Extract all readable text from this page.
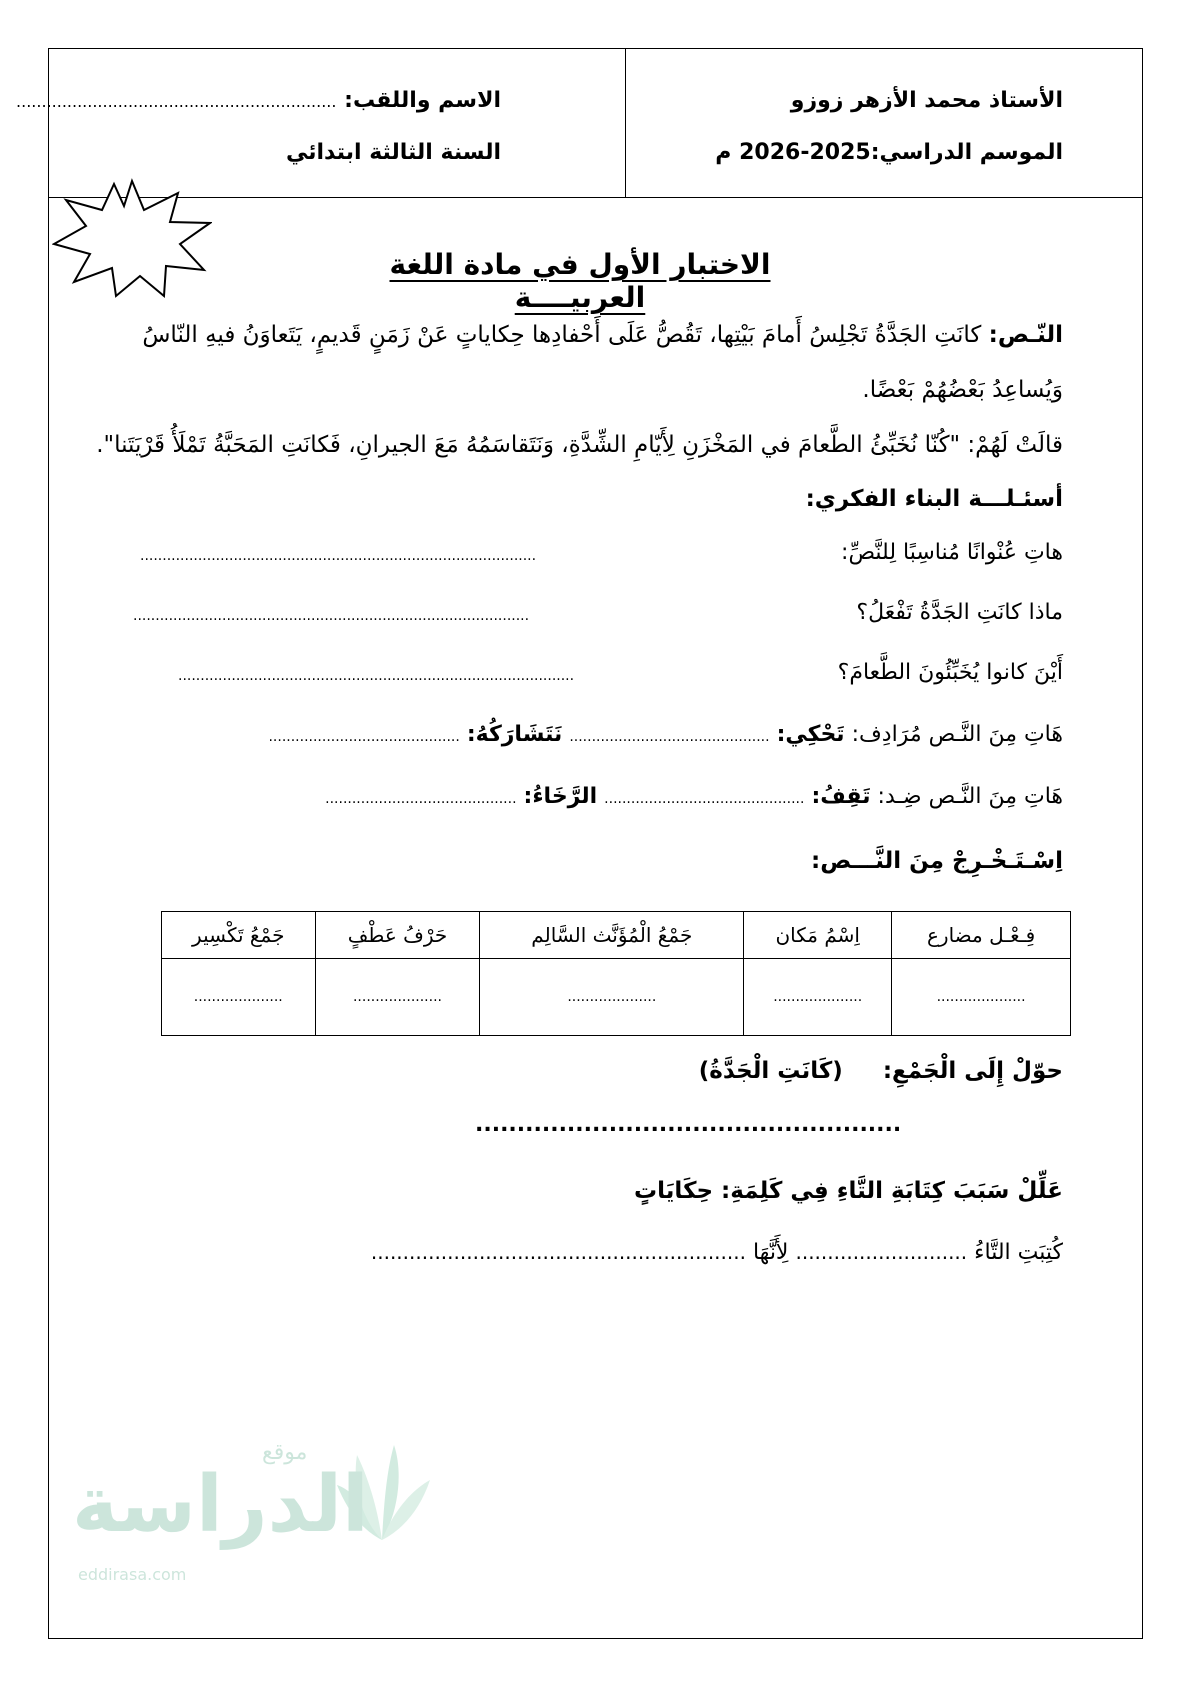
الأستاذ محمد الأزهر زوزو
الموسم الدراسي:2025-2026 م
الاسم واللقب: ...............................................................
السنة الثالثة ابتدائي
الاختبار الأول في مادة اللغة العربيــــة
النّـص: كانَتِ الجَدَّةُ تَجْلِسُ أَمامَ بَيْتِها، تَقُصُّ عَلَى أَحْفادِها حِكاياتٍ عَنْ زَمَنٍ قَديمٍ، يَتَعاوَنُ فيهِ النّاسُ
وَيُساعِدُ بَعْضُهُمْ بَعْضًا.
قالَتْ لَهُمْ: "كُنّا نُخَبِّئُ الطَّعامَ في المَخْزَنِ لِأَيّامِ الشِّدَّةِ، وَنَتَقاسَمُهُ مَعَ الجيرانِ، فَكانَتِ المَحَبَّةُ تَمْلَأُ قَرْيَتَنا".
أسئـلـــة البناء الفكري:
هاتِ عُنْوانًا مُناسِبًا لِلنَّصِّ:
.........................................................................................
ماذا كانَتِ الجَدَّةُ تَفْعَلُ؟
.........................................................................................
أَيْنَ كانوا يُخَبِّئُونَ الطَّعامَ؟
.........................................................................................
هَاتِ مِنَ النَّـص مُرَادِف: تَحْكِي: ............................................. نَتَشَارَكُهُ: ...........................................
هَاتِ مِنَ النَّـص ضِـد: تَقِفُ: ............................................. الرَّخَاءُ: ...........................................
اِسْـتَـخْـرِجْ مِنَ النَّـــص:
فِـعْـل مضارع	اِسْمُ مَكان	جَمْعُ الْمُؤَنَّث السَّالِم	حَرْفُ عَطْفٍ	جَمْعُ تَكْسِير
....................	....................	....................	....................	....................
حوّلْ إِلَى الْجَمْعِ:     (كَانَتِ الْجَدَّةُ)
...................................................
عَلِّلْ سَبَبَ كِتَابَةِ التَّاءِ فِي كَلِمَةِ: حِكَايَاتٍ
كُتِبَتِ التَّاءُ ........................... لِأَنَّهَا ...........................................................
موقع
الدراسة
eddirasa.com
